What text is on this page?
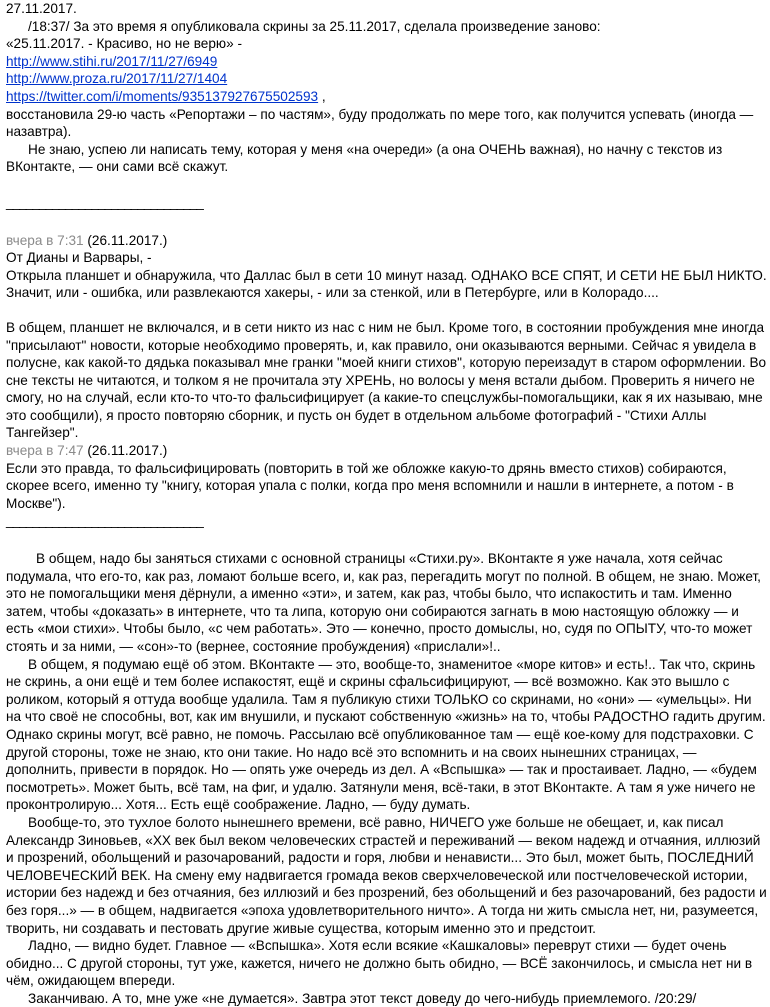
27.11.2017.

/18:37/ За это время я опубликовала скрины за 25.11.2017, сделала произведение заново:

«25.11.2017. - Красиво, но не верю» -

http://www.stihi.ru/2017/11/27/6949

http://www.proza.ru/2017/11/27/1404

https://twitter.com/i/moments/935137927675502593 ,

восстановила 29-ю часть «Репортажи – по частям», буду продолжать по мере того, как получится успевать (иногда — назавтра).

Не знаю, успею ли написать тему, которая у меня «на очереди» (а она ОЧЕНЬ важная), но начну с текстов из ВКонтакте, — они сами всё скажут.

______________________________

вчера в 7:31 (26.11.2017.)

От Дианы и Варвары, -

Открыла планшет и обнаружила, что Даллас был в сети 10 минут назад. ОДНАКО ВСЕ СПЯТ, И СЕТИ НЕ БЫЛ НИКТО. Значит, или - ошибка, или развлекаются хакеры, - или за стенкой, или в Петербурге, или в Колорадо....

В общем, планшет не включался, и в сети никто из нас с ним не был. Кроме того, в состоянии пробуждения мне иногда "присылают" новости, которые необходимо проверять, и, как правило, они оказываются верными. Сейчас я увидела в полусне, как какой-то дядька показывал мне гранки "моей книги стихов", которую переизадут в старом оформлении. Во сне тексты не читаются, и толком я не прочитала эту ХРЕНЬ, но волосы у меня встали дыбом. Проверить я ничего не смогу, но на случай, если кто-то что-то фальсифицирует (а какие-то спецслужбы-помогальщики, как я их называю, мне это сообщили), я просто повторяю сборник, и пусть он будет в отдельном альбоме фотографий - "Стихи Аллы Тангейзер".

вчера в 7:47 (26.11.2017.)

Если это правда, то фальсифицировать (повторить в той же обложке какую-то дрянь вместо стихов) собираются, скорее всего, именно ту "книгу, которая упала с полки, когда про меня вспомнили и нашли в интернете, а потом - в Москве").

______________________________

В общем, надо бы заняться стихами с основной страницы «Стихи.ру». ВКонтакте я уже начала, хотя сейчас подумала, что его-то, как раз, ломают больше всего, и, как раз, перегадить могут по полной. В общем, не знаю. Может, это не помогальщики меня дёрнули, а именно «эти», и затем, как раз, чтобы было, что испакостить и там. Именно затем, чтобы «доказать» в интернете, что та липа, которую они собираются загнать в мою настоящую обложку — и есть «мои стихи». Чтобы было, «с чем работать». Это — конечно, просто домыслы, но, судя по ОПЫТУ, что-то может стоять и за ними, — «сон»-то (вернее, состояние пробуждения) «прислали»!..

В общем, я подумаю ещё об этом. ВКонтакте — это, вообще-то, знаменитое «море китов» и есть!.. Так что, скринь не скринь, а они ещё и тем более испакостят, ещё и скрины сфальсифицируют, — всё возможно. Как это вышло с роликом, который я оттуда вообще удалила. Там я публикую стихи ТОЛЬКО со скринами, но «они» — «умельцы». Ни на что своё не способны, вот, как им внушили, и пускают собственную «жизнь» на то, чтобы РАДОСТНО гадить другим. Однако скрины могут, всё равно, не помочь. Рассылаю всё опубликованное там — ещё кое-кому для подстраховки. С другой стороны, тоже не знаю, кто они такие. Но надо всё это вспомнить и на своих нынешних страницах, — дополнить, привести в порядок. Но — опять уже очередь из дел. А «Вспышка» — так и простаивает. Ладно, — «будем посмотреть». Может быть, всё там, на фиг, и удалю. Затянули меня, всё-таки, в этот ВКонтакте. А там я уже ничего не проконтролирую... Хотя... Есть ещё соображение. Ладно, — буду думать.

Вообще-то, это тухлое болото нынешнего времени, всё равно, НИЧЕГО уже больше не обещает, и, как писал Александр Зиновьев, «XX век был веком человеческих страстей и переживаний — веком надежд и отчаяния, иллюзий и прозрений, обольщений и разочарований, радости и горя, любви и ненависти... Это был, может быть, ПОСЛЕДНИЙ ЧЕЛОВЕЧЕСКИЙ ВЕК. На смену ему надвигается громада веков сверхчеловеческой или постчеловеческой истории, истории без надежд и без отчаяния, без иллюзий и без прозрений, без обольщений и без разочарований, без радости и без горя...» — в общем, надвигается «эпоха удовлетворительного ничто». А тогда ни жить смысла нет, ни, разумеется, творить, ни создавать и пестовать другие живые существа, которым именно это и предстоит.

Ладно, — видно будет. Главное — «Вспышка». Хотя если всякие «Кашкаловы» переврут стихи — будет очень обидно... С другой стороны, тут уже, кажется, ничего не должно быть обидно, — ВСЁ закончилось, и смысла нет ни в чём, ожидающем впереди.

Заканчиваю. А то, мне уже «не думается». Завтра этот текст доведу до чего-нибудь приемлемого. /20:29/
